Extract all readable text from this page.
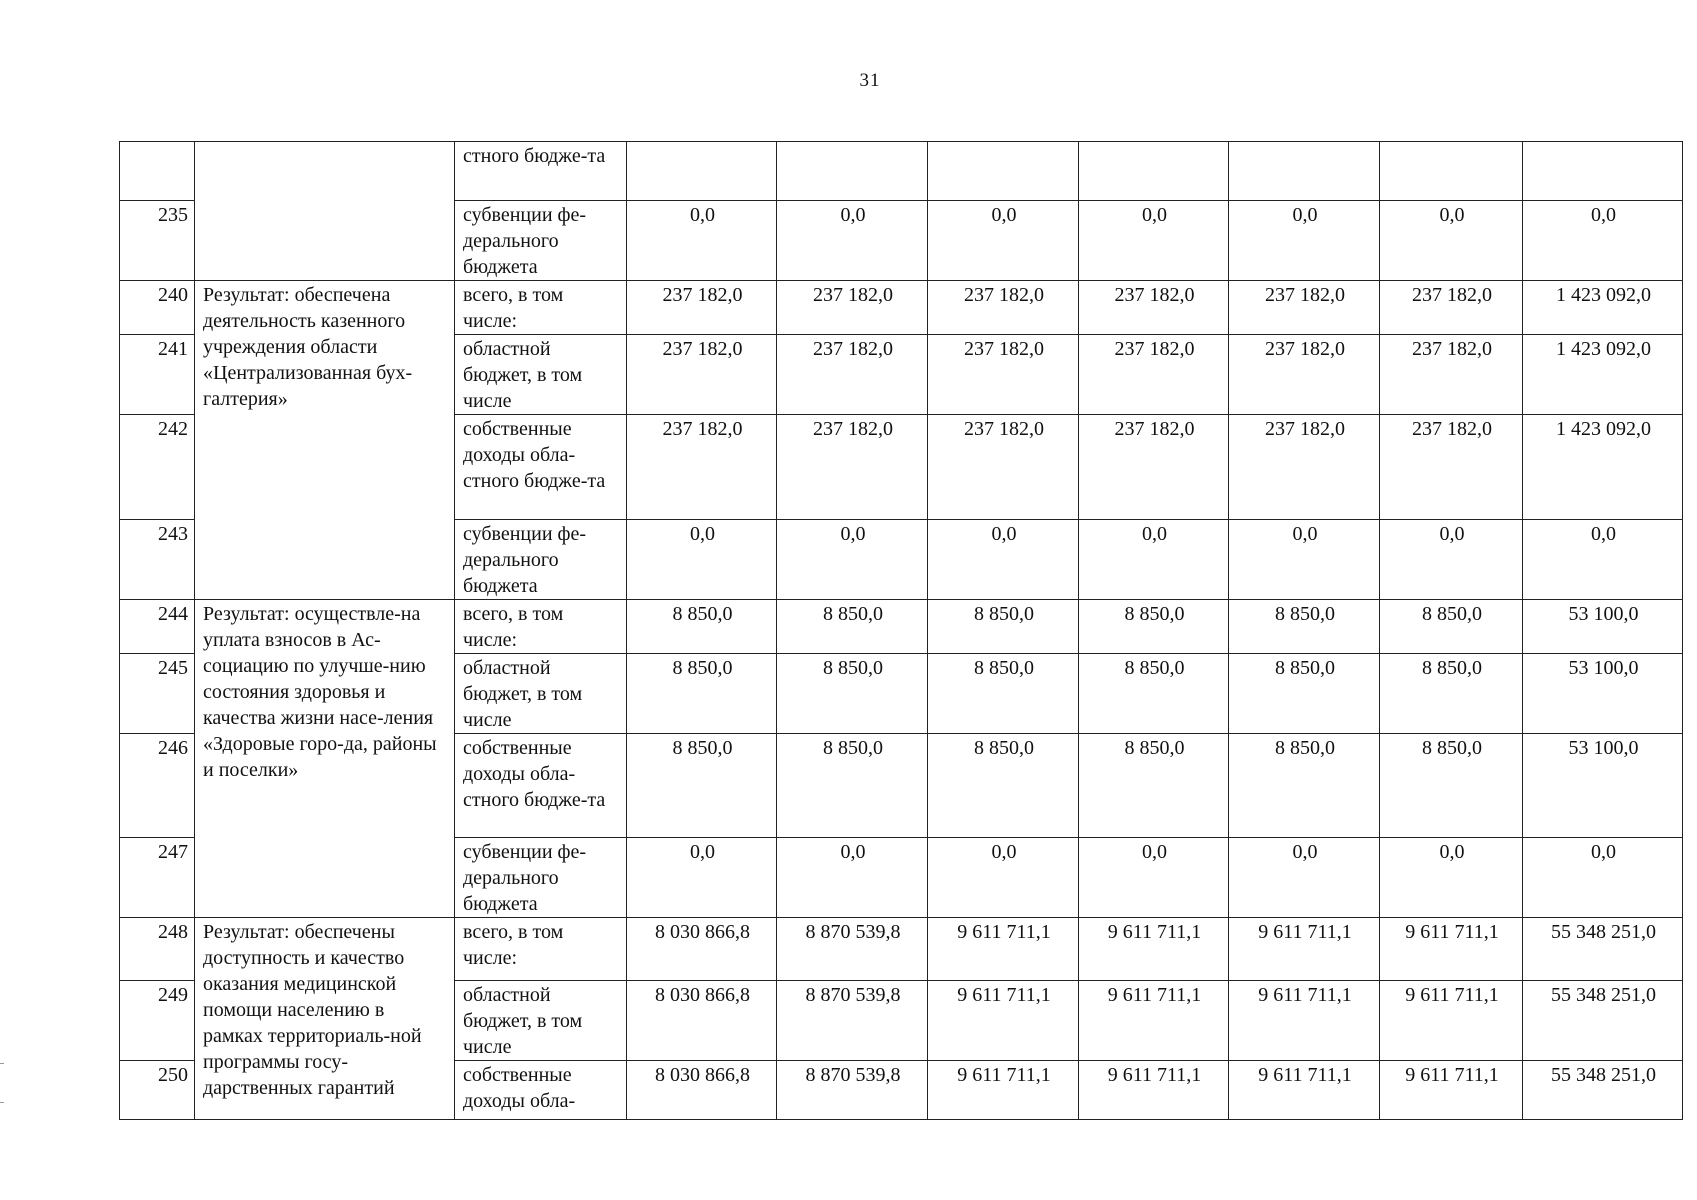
31
		стного бюдже-та							
235		субвенции фе-дерального бюджета	0,0	0,0	0,0	0,0	0,0	0,0	0,0
240	Результат: обеспечена деятельность казенного учреждения области «Централизованная бух-галтерия»	всего, в том числе:	237 182,0	237 182,0	237 182,0	237 182,0	237 182,0	237 182,0	1 423 092,0
241		областной бюджет, в том числе	237 182,0	237 182,0	237 182,0	237 182,0	237 182,0	237 182,0	1 423 092,0
242		собственные доходы обла-стного бюдже-та	237 182,0	237 182,0	237 182,0	237 182,0	237 182,0	237 182,0	1 423 092,0
243		субвенции фе-дерального бюджета	0,0	0,0	0,0	0,0	0,0	0,0	0,0
244	Результат: осуществле-на уплата взносов в Ас-социацию по улучше-нию состояния здоровья и качества жизни насе-ления «Здоровые горо-да, районы и поселки»	всего, в том числе:	8 850,0	8 850,0	8 850,0	8 850,0	8 850,0	8 850,0	53 100,0
245		областной бюджет, в том числе	8 850,0	8 850,0	8 850,0	8 850,0	8 850,0	8 850,0	53 100,0
246		собственные доходы обла-стного бюдже-та	8 850,0	8 850,0	8 850,0	8 850,0	8 850,0	8 850,0	53 100,0
247		субвенции фе-дерального бюджета	0,0	0,0	0,0	0,0	0,0	0,0	0,0
248	Результат: обеспечены доступность и качество оказания медицинской помощи населению в рамках территориаль-ной программы госу-дарственных гарантий	всего, в том числе:	8 030 866,8	8 870 539,8	9 611 711,1	9 611 711,1	9 611 711,1	9 611 711,1	55 348 251,0
249		областной бюджет, в том числе	8 030 866,8	8 870 539,8	9 611 711,1	9 611 711,1	9 611 711,1	9 611 711,1	55 348 251,0
250		собственные доходы обла-	8 030 866,8	8 870 539,8	9 611 711,1	9 611 711,1	9 611 711,1	9 611 711,1	55 348 251,0
